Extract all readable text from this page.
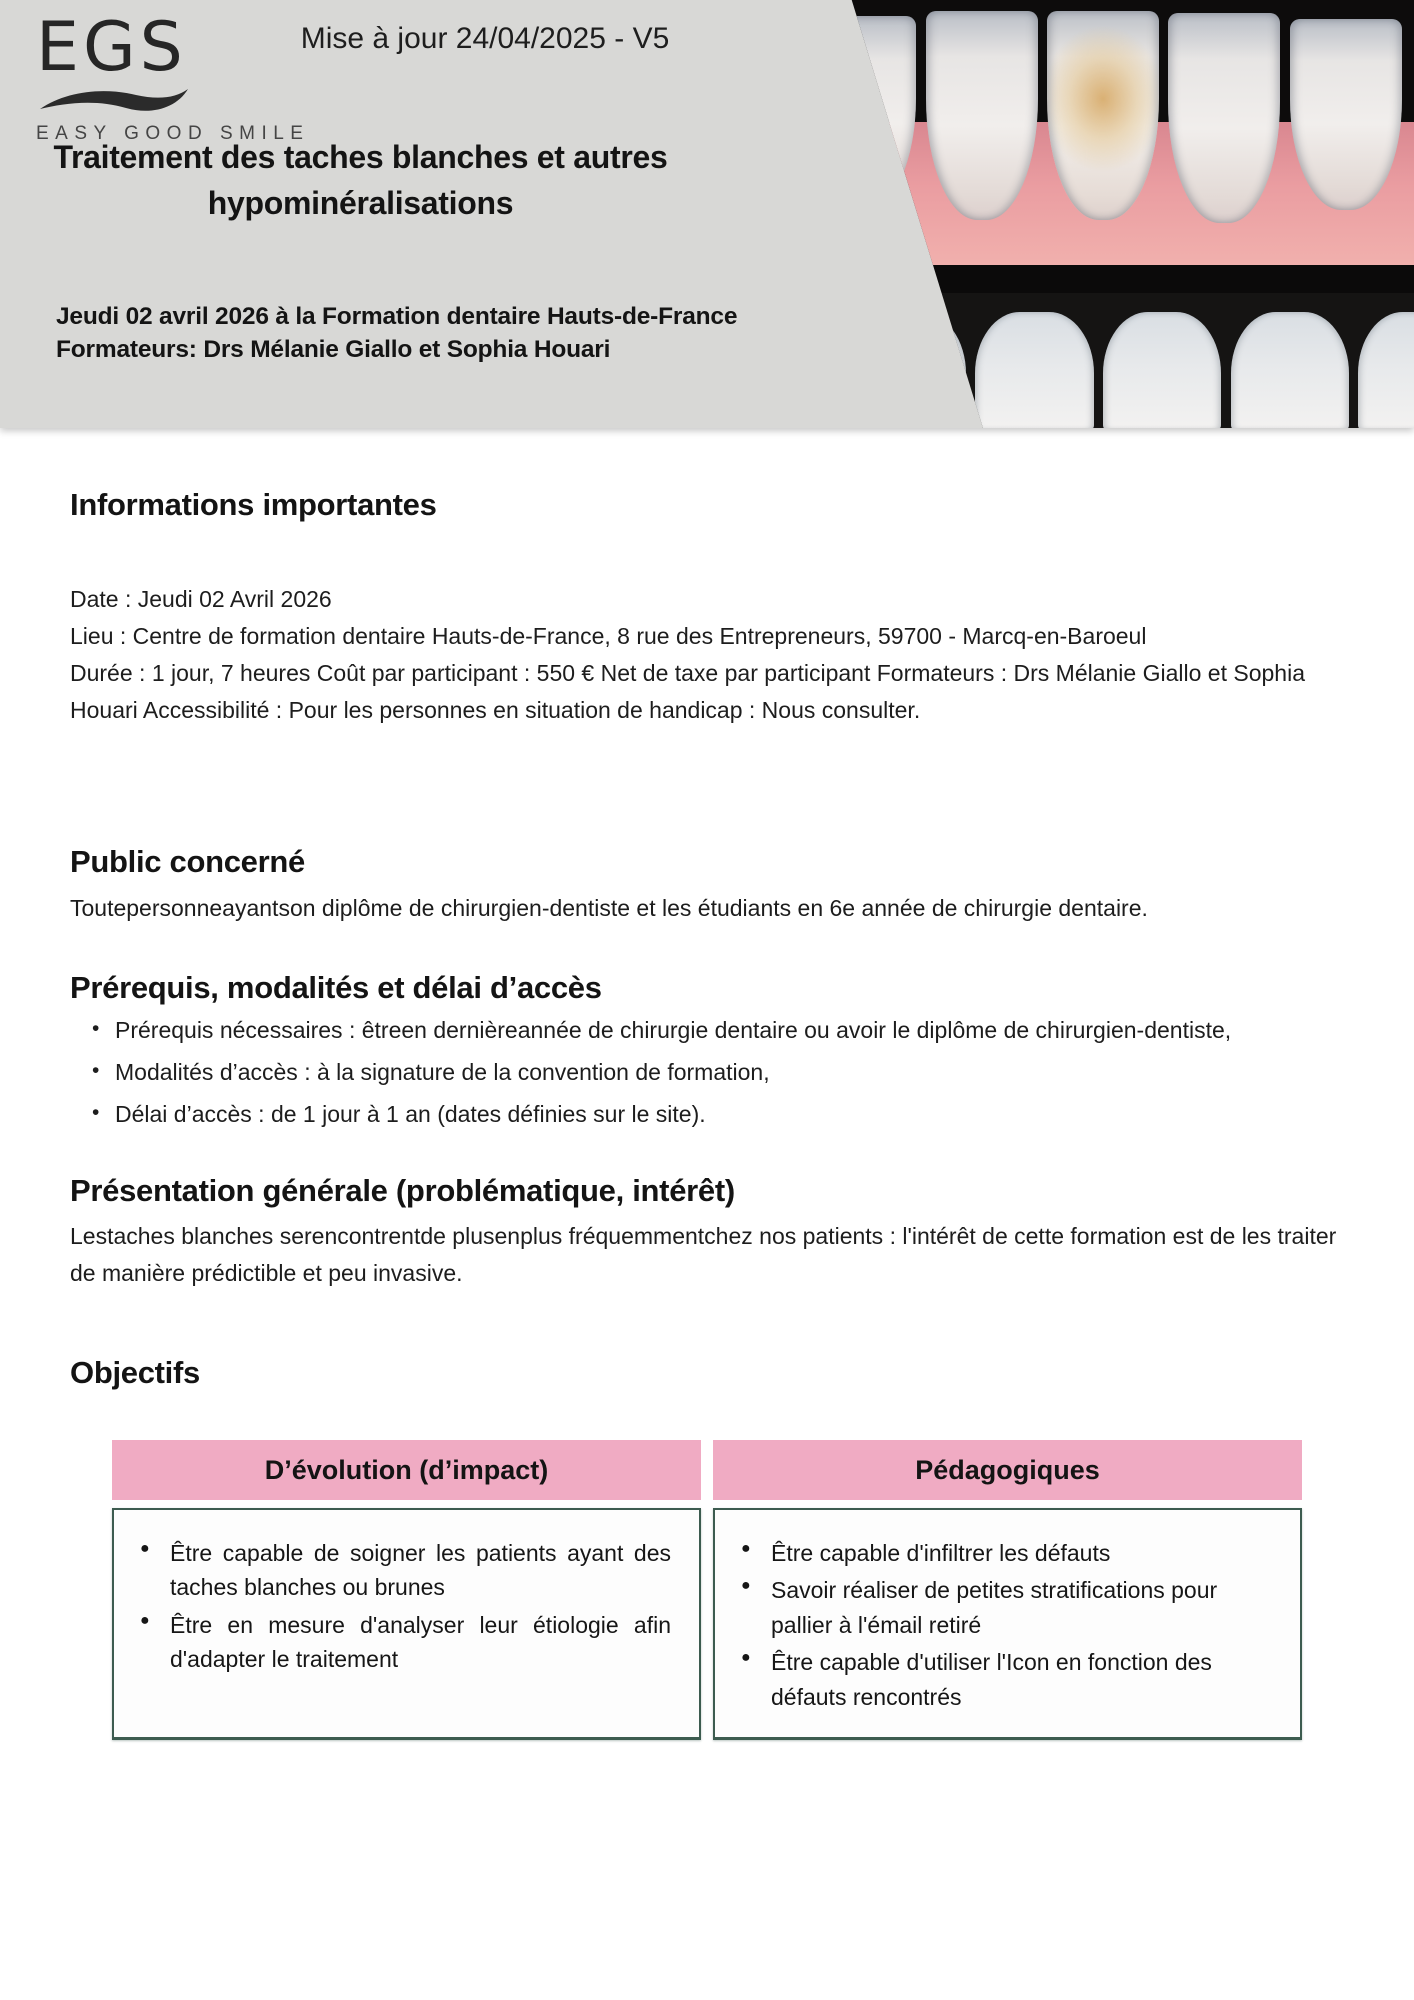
EGS
EASY GOOD SMILE
Mise à jour 24/04/2025 - V5
Traitement des taches blanches et autres
hypominéralisations
Jeudi 02 avril 2026 à la Formation dentaire Hauts-de-France
Formateurs: Drs Mélanie Giallo et Sophia Houari
Informations importantes
Date : Jeudi 02 Avril 2026
Lieu : Centre de formation dentaire Hauts-de-France, 8 rue des Entrepreneurs, 59700 - Marcq-en-Baroeul
Durée : 1 jour, 7 heures Coût par participant : 550 € Net de taxe par participant Formateurs : Drs Mélanie Giallo et Sophia Houari Accessibilité : Pour les personnes en situation de handicap : Nous consulter.
Public concerné

Toutepersonneayantson diplôme de chirurgien-dentiste et les étudiants en 6e année de chirurgie dentaire.

Prérequis, modalités et délai d’accès
• Prérequis nécessaires : êtreen dernièreannée de chirurgie dentaire ou avoir le diplôme de chirurgien-dentiste,
• Modalités d’accès : à la signature de la convention de formation,
• Délai d’accès : de 1 jour à 1 an (dates définies sur le site).
Présentation générale (problématique, intérêt)

Lestaches blanches serencontrentde plusenplus fréquemmentchez nos patients : l'intérêt de cette formation est de les traiter de manière prédictible et peu invasive.

Objectifs
D’évolution (d’impact)
● Être capable de soigner les patients ayant des taches blanches ou brunes
● Être en mesure d'analyser leur étiologie afin d'adapter le traitement
Pédagogiques
● Être capable d'infiltrer les défauts
● Savoir réaliser de petites stratifications pour pallier à l'émail retiré
● Être capable d'utiliser l'Icon en fonction des défauts rencontrés
